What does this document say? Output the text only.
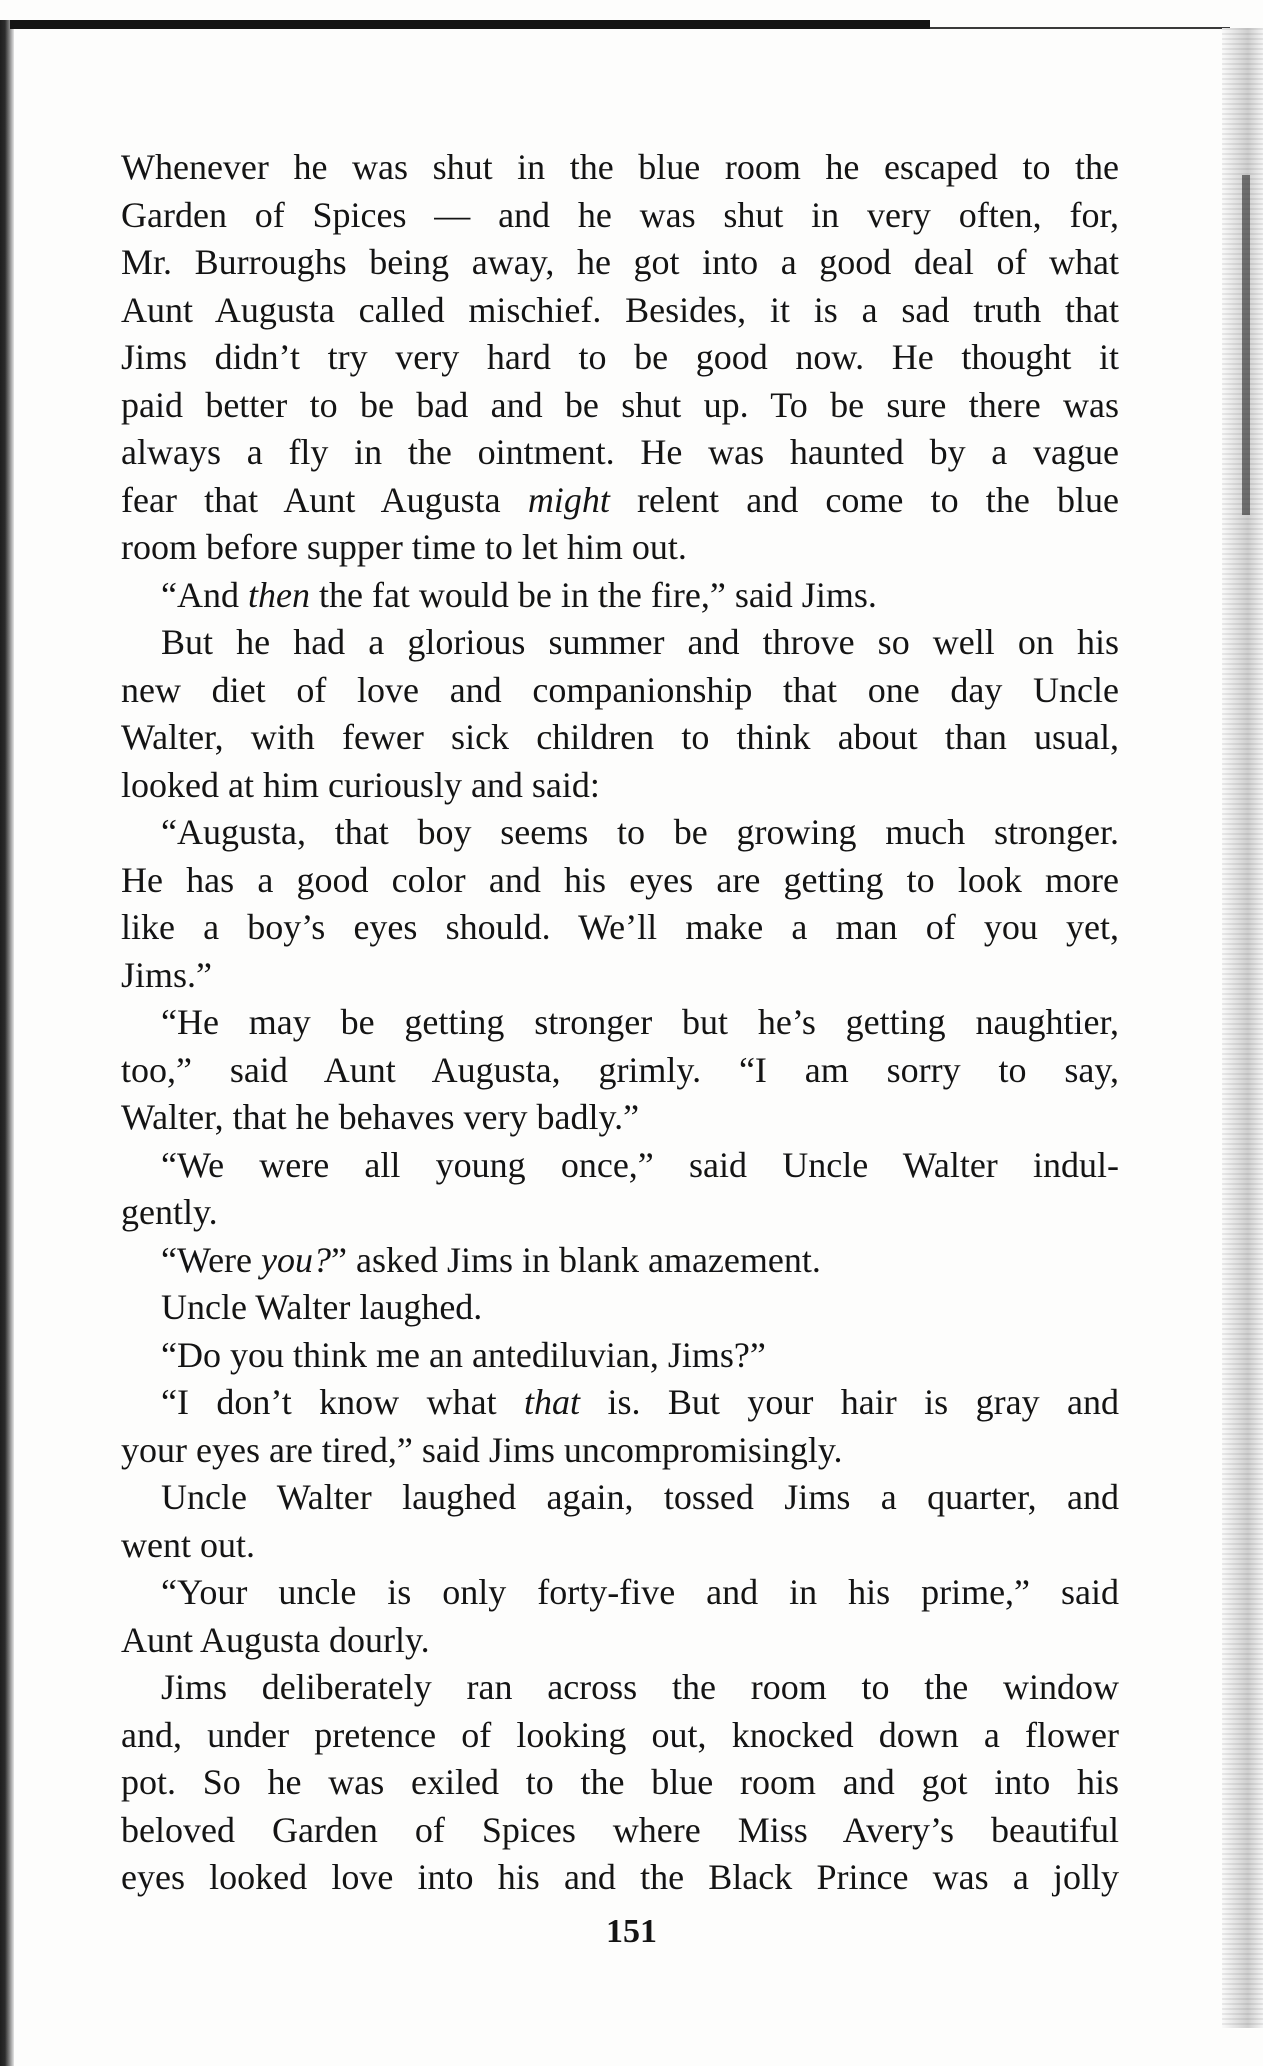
Whenever he was shut in the blue room he escaped to the
Garden of Spices — and he was shut in very often, for,
Mr. Burroughs being away, he got into a good deal of what
Aunt Augusta called mischief. Besides, it is a sad truth that
Jims didn’t try very hard to be good now. He thought it
paid better to be bad and be shut up. To be sure there was
always a fly in the ointment. He was haunted by a vague
fear that Aunt Augusta might relent and come to the blue
room before supper time to let him out.
“And then the fat would be in the fire,” said Jims.
But he had a glorious summer and throve so well on his
new diet of love and companionship that one day Uncle
Walter, with fewer sick children to think about than usual,
looked at him curiously and said:
“Augusta, that boy seems to be growing much stronger.
He has a good color and his eyes are getting to look more
like a boy’s eyes should. We’ll make a man of you yet,
Jims.”
“He may be getting stronger but he’s getting naughtier,
too,” said Aunt Augusta, grimly. “I am sorry to say,
Walter, that he behaves very badly.”
“We were all young once,” said Uncle Walter indul-
gently.
“Were you?” asked Jims in blank amazement.
Uncle Walter laughed.
“Do you think me an antediluvian, Jims?”
“I don’t know what that is. But your hair is gray and
your eyes are tired,” said Jims uncompromisingly.
Uncle Walter laughed again, tossed Jims a quarter, and
went out.
“Your uncle is only forty-five and in his prime,” said
Aunt Augusta dourly.
Jims deliberately ran across the room to the window
and, under pretence of looking out, knocked down a flower
pot. So he was exiled to the blue room and got into his
beloved Garden of Spices where Miss Avery’s beautiful
eyes looked love into his and the Black Prince was a jolly
151
